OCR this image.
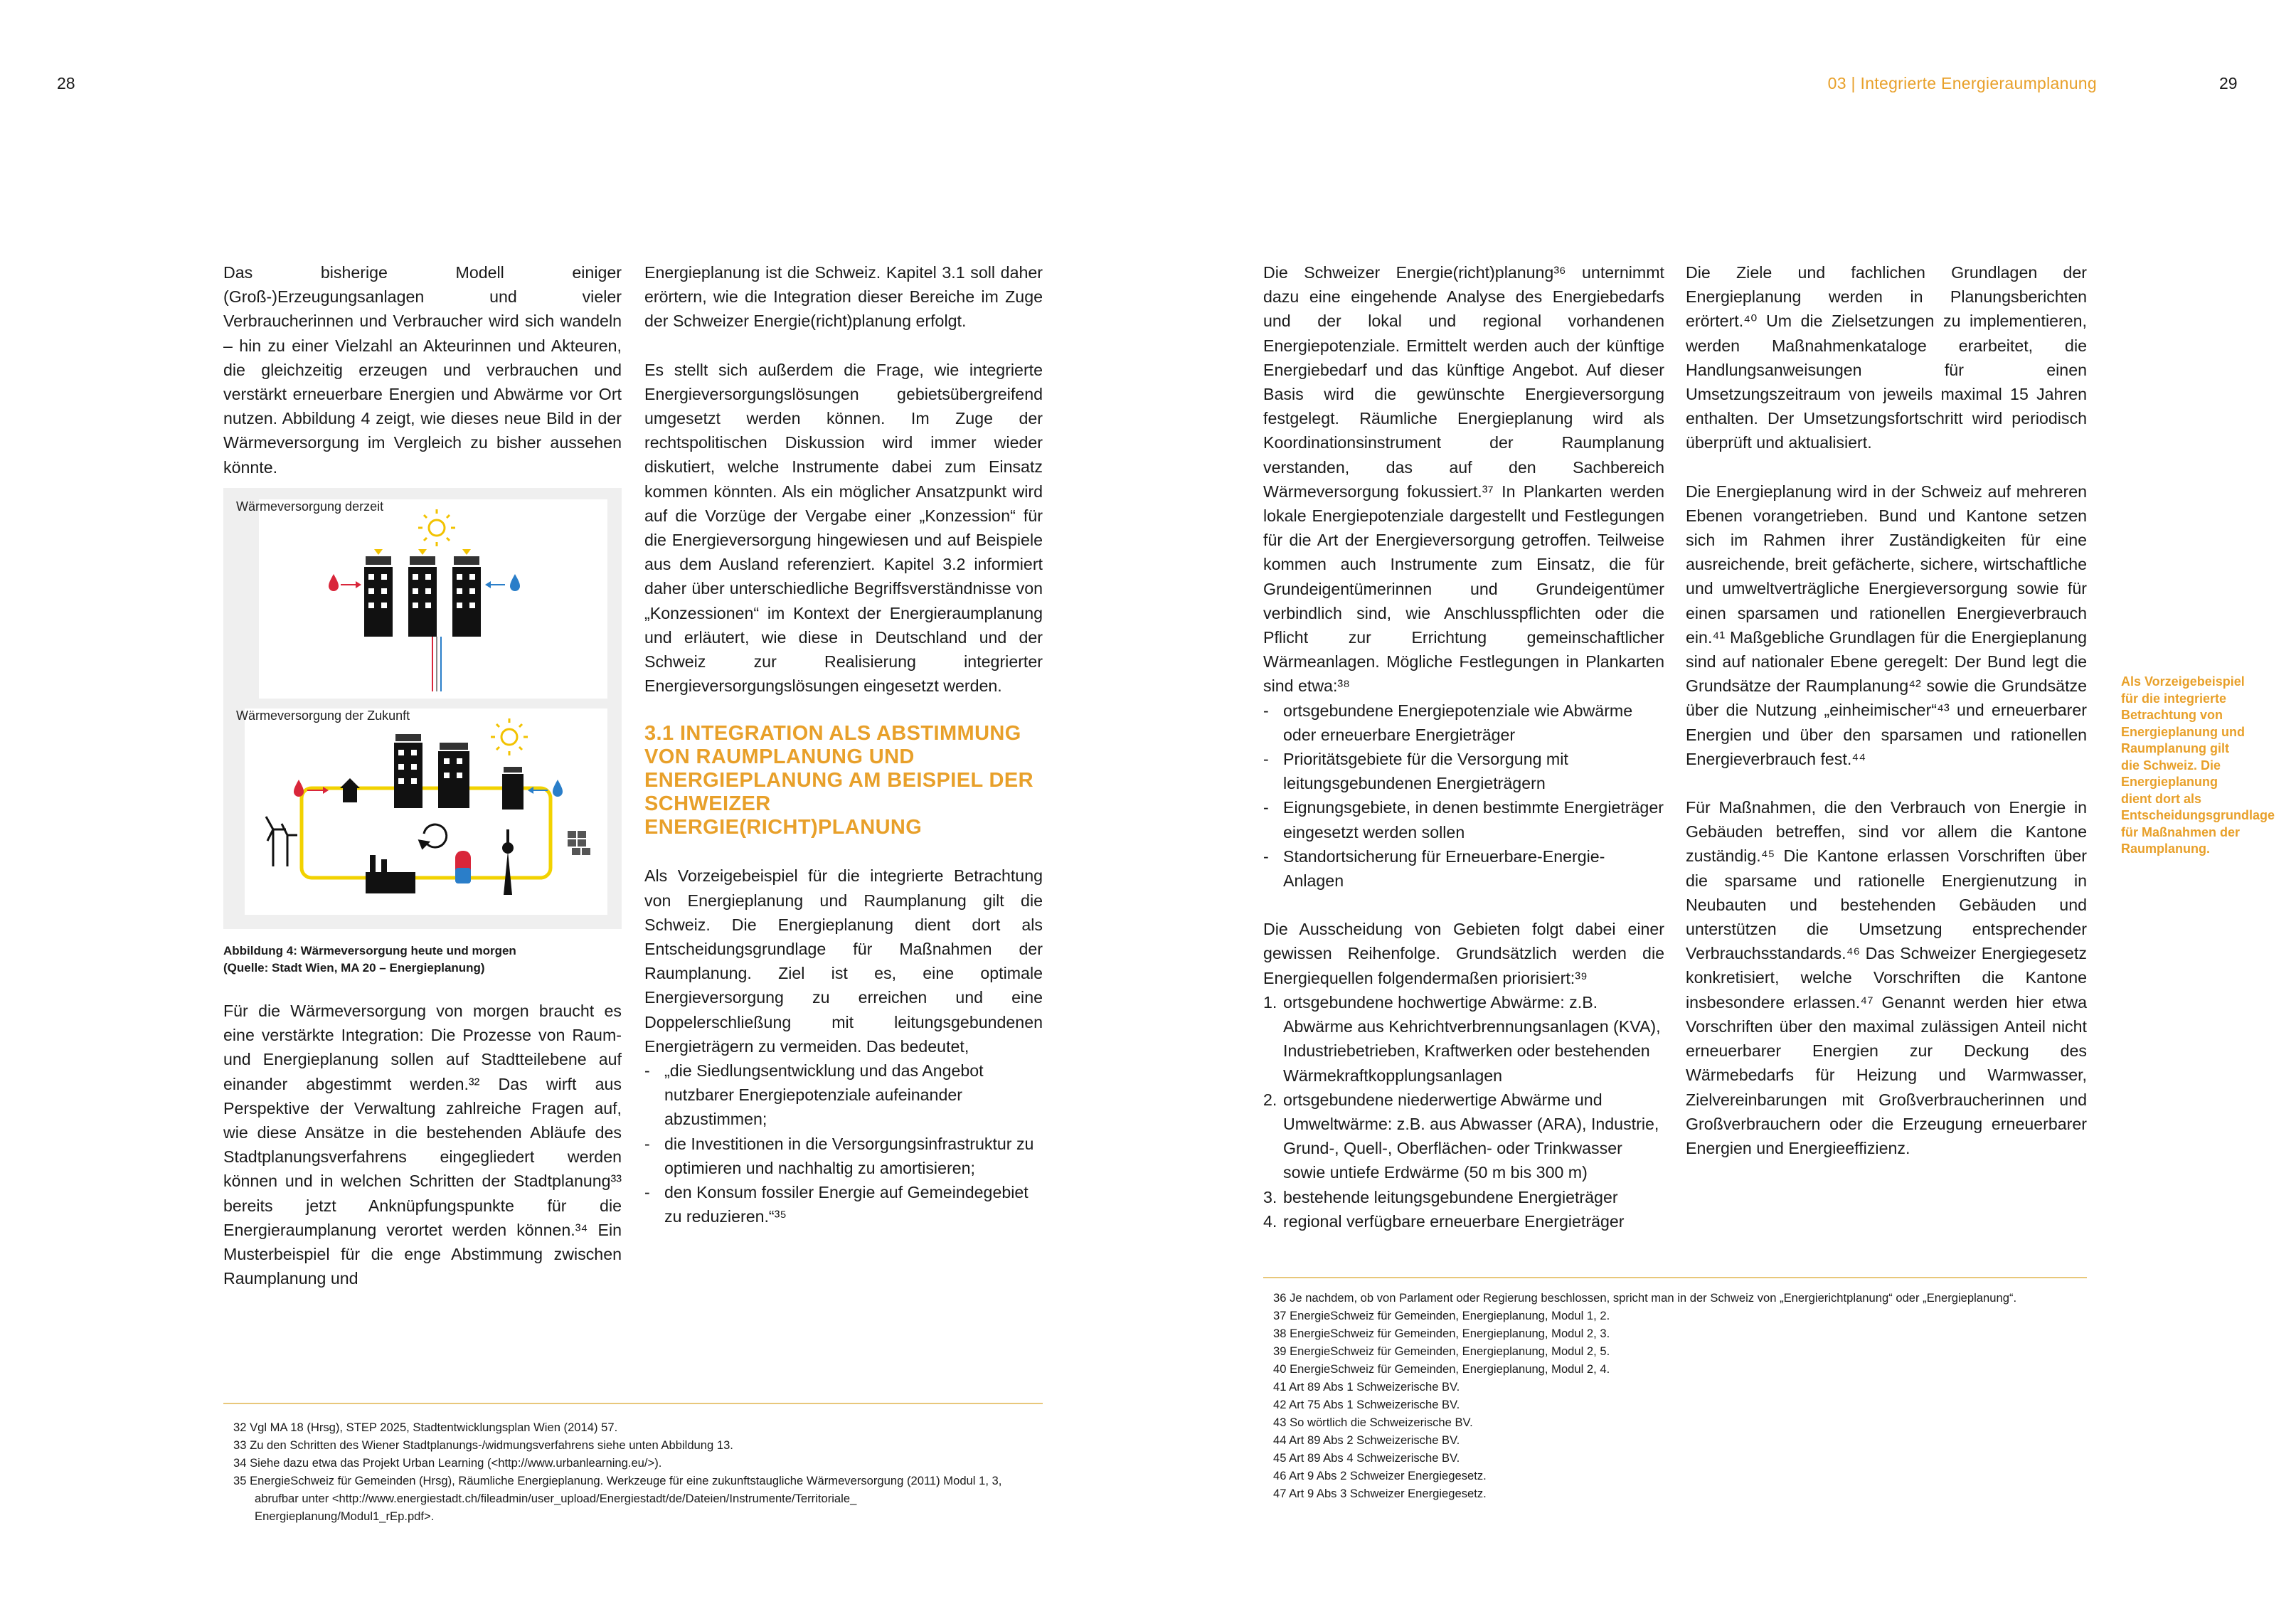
28	03 | Integrierte Energieraumplanung	29

Das bisherige Modell einiger (Groß-)Erzeugungsanlagen und vieler Verbraucherinnen und Verbraucher wird sich wandeln – hin zu einer Vielzahl an Akteurinnen und Akteuren, die gleichzeitig erzeugen und verbrauchen und verstärkt erneuerbare Energien und Abwärme vor Ort nutzen. Abbildung 4 zeigt, wie dieses neue Bild in der Wärmeversorgung im Vergleich zu bisher aussehen könnte.

Wärmeversorgung derzeit
Wärmeversorgung der Zukunft
Abbildung 4: Wärmeversorgung heute und morgen
(Quelle: Stadt Wien, MA 20 – Energieplanung)

Für die Wärmeversorgung von morgen braucht es eine verstärkte Integration: Die Prozesse von Raum- und Energieplanung sollen auf Stadtteilebene auf einander abgestimmt werden.³² Das wirft aus Perspektive der Verwaltung zahlreiche Fragen auf, wie diese Ansätze in die bestehenden Abläufe des Stadtplanungsverfahrens eingegliedert werden können und in welchen Schritten der Stadtplanung³³ bereits jetzt Anknüpfungspunkte für die Energieraumplanung verortet werden können.³⁴ Ein Musterbeispiel für die enge Abstimmung zwischen Raumplanung und

Energieplanung ist die Schweiz. Kapitel 3.1 soll daher erörtern, wie die Integration dieser Bereiche im Zuge der Schweizer Energie(richt)planung erfolgt.

Es stellt sich außerdem die Frage, wie integrierte Energieversorgungslösungen gebietsübergreifend umgesetzt werden können. Im Zuge der rechtspolitischen Diskussion wird immer wieder diskutiert, welche Instrumente dabei zum Einsatz kommen könnten. Als ein möglicher Ansatzpunkt wird auf die Vorzüge der Vergabe einer „Konzession“ für die Energieversorgung hingewiesen und auf Beispiele aus dem Ausland referenziert. Kapitel 3.2 informiert daher über unterschiedliche Begriffsverständnisse von „Konzessionen“ im Kontext der Energieraumplanung und erläutert, wie diese in Deutschland und der Schweiz zur Realisierung integrierter Energieversorgungslösungen eingesetzt werden.

3.1 INTEGRATION ALS ABSTIMMUNG VON RAUMPLANUNG UND ENERGIEPLANUNG AM BEISPIEL DER SCHWEIZER ENERGIE(RICHT)PLANUNG

Als Vorzeigebeispiel für die integrierte Betrachtung von Energieplanung und Raumplanung gilt die Schweiz. Die Energieplanung dient dort als Entscheidungsgrundlage für Maßnahmen der Raumplanung. Ziel ist es, eine optimale Energieversorgung zu erreichen und eine Doppelerschließung mit leitungsgebundenen Energieträgern zu vermeiden. Das bedeutet,

- „die Siedlungsentwicklung und das Angebot nutzbarer Energiepotenziale aufeinander abzustimmen;
- die Investitionen in die Versorgungsinfrastruktur zu optimieren und nachhaltig zu amortisieren;
- den Konsum fossiler Energie auf Gemeindegebiet zu reduzieren.“³⁵
32 Vgl MA 18 (Hrsg), STEP 2025, Stadtentwicklungsplan Wien (2014) 57.
33 Zu den Schritten des Wiener Stadtplanungs-/widmungsverfahrens siehe unten Abbildung 13.
34 Siehe dazu etwa das Projekt Urban Learning (<http://www.urbanlearning.eu/>).
35 EnergieSchweiz für Gemeinden (Hrsg), Räumliche Energieplanung. Werkzeuge für eine zukunftstaugliche Wärmeversorgung (2011) Modul 1, 3, abrufbar unter <http://www.energiestadt.ch/fileadmin/user_upload/Energiestadt/de/Dateien/Instrumente/Territoriale_ Energieplanung/Modul1_rEp.pdf>.

Die Schweizer Energie(richt)planung³⁶ unternimmt dazu eine eingehende Analyse des Energiebedarfs und der lokal und regional vorhandenen Energiepotenziale. Ermittelt werden auch der künftige Energiebedarf und das künftige Angebot. Auf dieser Basis wird die gewünschte Energieversorgung festgelegt. Räumliche Energieplanung wird als Koordinationsinstrument der Raumplanung verstanden, das auf den Sachbereich Wärmeversorgung fokussiert.³⁷ In Plankarten werden lokale Energiepotenziale dargestellt und Festlegungen für die Art der Energieversorgung getroffen. Teilweise kommen auch Instrumente zum Einsatz, die für Grundeigentümerinnen und Grundeigentümer verbindlich sind, wie Anschlusspflichten oder die Pflicht zur Errichtung gemeinschaftlicher Wärmeanlagen. Mögliche Festlegungen in Plankarten sind etwa:³⁸

- ortsgebundene Energiepotenziale wie Abwärme oder erneuerbare Energieträger
- Prioritätsgebiete für die Versorgung mit leitungsgebundenen Energieträgern
- Eignungsgebiete, in denen bestimmte Energieträger eingesetzt werden sollen
- Standortsicherung für Erneuerbare-Energie-Anlagen

Die Ausscheidung von Gebieten folgt dabei einer gewissen Reihenfolge. Grundsätzlich werden die Energiequellen folgendermaßen priorisiert:³⁹

1. ortsgebundene hochwertige Abwärme: z.B. Abwärme aus Kehrichtverbrennungsanlagen (KVA), Industriebetrieben, Kraftwerken oder bestehenden Wärmekraftkopplungsanlagen
2. ortsgebundene niederwertige Abwärme und Umweltwärme: z.B. aus Abwasser (ARA), Industrie, Grund-, Quell-, Oberflächen- oder Trinkwasser sowie untiefe Erdwärme (50 m bis 300 m)
3. bestehende leitungsgebundene Energieträger
4. regional verfügbare erneuerbare Energieträger

Die Ziele und fachlichen Grundlagen der Energieplanung werden in Planungsberichten erörtert.⁴⁰ Um die Zielsetzungen zu implementieren, werden Maßnahmenkataloge erarbeitet, die Handlungsanweisungen für einen Umsetzungszeitraum von jeweils maximal 15 Jahren enthalten. Der Umsetzungsfortschritt wird periodisch überprüft und aktualisiert.

Die Energieplanung wird in der Schweiz auf mehreren Ebenen vorangetrieben. Bund und Kantone setzen sich im Rahmen ihrer Zuständigkeiten für eine ausreichende, breit gefächerte, sichere, wirtschaftliche und umweltverträgliche Energieversorgung sowie für einen sparsamen und rationellen Energieverbrauch ein.⁴¹ Maßgebliche Grundlagen für die Energieplanung sind auf nationaler Ebene geregelt: Der Bund legt die Grundsätze der Raumplanung⁴² sowie die Grundsätze über die Nutzung „einheimischer“⁴³ und erneuerbarer Energien und über den sparsamen und rationellen Energieverbrauch fest.⁴⁴

Für Maßnahmen, die den Verbrauch von Energie in Gebäuden betreffen, sind vor allem die Kantone zuständig.⁴⁵ Die Kantone erlassen Vorschriften über die sparsame und rationelle Energienutzung in Neubauten und bestehenden Gebäuden und unterstützen die Umsetzung entsprechender Verbrauchsstandards.⁴⁶ Das Schweizer Energiegesetz konkretisiert, welche Vorschriften die Kantone insbesondere erlassen.⁴⁷ Genannt werden hier etwa Vorschriften über den maximal zulässigen Anteil nicht erneuerbarer Energien zur Deckung des Wärmebedarfs für Heizung und Warmwasser, Zielvereinbarungen mit Großverbraucherinnen und Großverbrauchern oder die Erzeugung erneuerbarer Energien und Energieeffizienz.

Als Vorzeigebeispiel für die integrierte Betrachtung von Energieplanung und Raumplanung gilt die Schweiz. Die Energieplanung dient dort als Entscheidungsgrundlage für Maßnahmen der Raumplanung.
36 Je nachdem, ob von Parlament oder Regierung beschlossen, spricht man in der Schweiz von „Energierichtplanung“ oder „Energieplanung“.
37 EnergieSchweiz für Gemeinden, Energieplanung, Modul 1, 2.
38 EnergieSchweiz für Gemeinden, Energieplanung, Modul 2, 3.
39 EnergieSchweiz für Gemeinden, Energieplanung, Modul 2, 5.
40 EnergieSchweiz für Gemeinden, Energieplanung, Modul 2, 4.
41 Art 89 Abs 1 Schweizerische BV.
42 Art 75 Abs 1 Schweizerische BV.
43 So wörtlich die Schweizerische BV.
44 Art 89 Abs 2 Schweizerische BV.
45 Art 89 Abs 4 Schweizerische BV.
46 Art 9 Abs 2 Schweizer Energiegesetz.
47 Art 9 Abs 3 Schweizer Energiegesetz.
